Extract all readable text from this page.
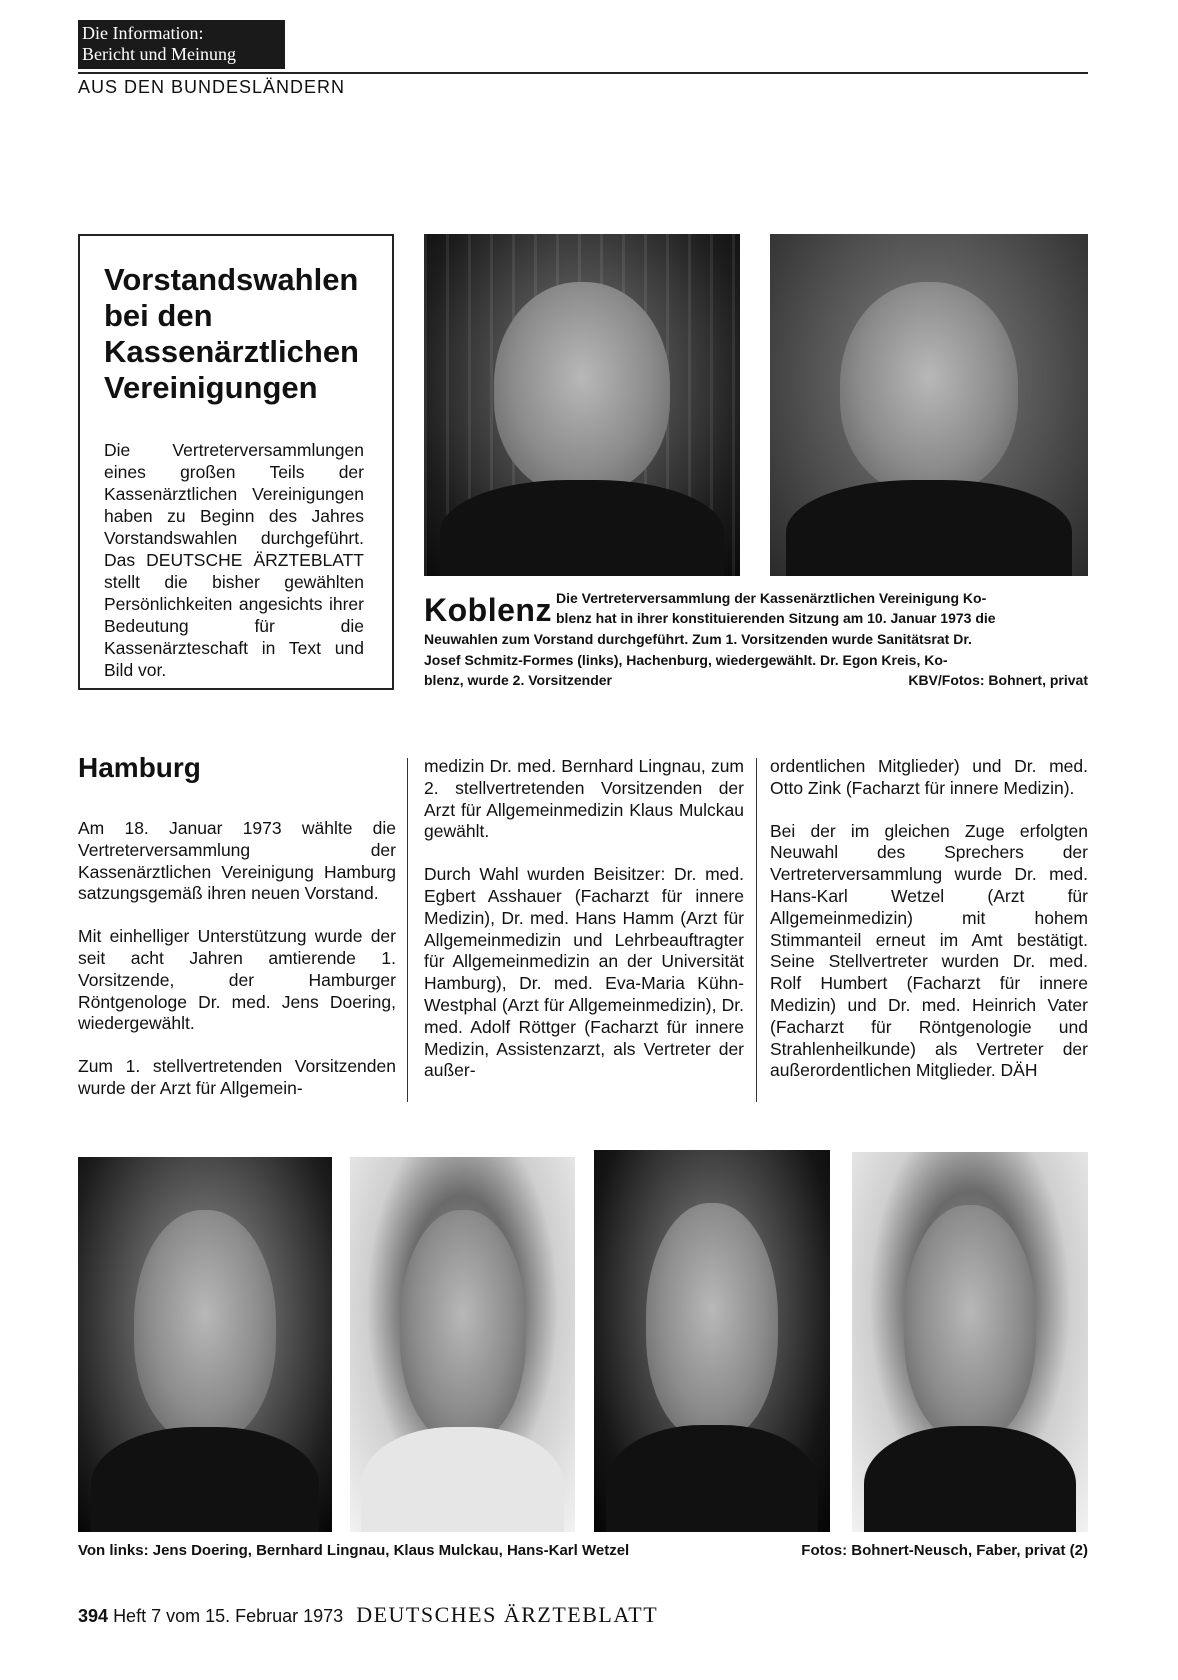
Die Information:
Bericht und Meinung
AUS DEN BUNDESLÄNDERN
Vorstandswahlen bei den Kassenärztlichen Vereinigungen
Die Vertreterversammlungen eines großen Teils der Kassenärztlichen Vereinigungen haben zu Beginn des Jahres Vorstandswahlen durchgeführt. Das DEUTSCHE ÄRZTEBLATT stellt die bisher gewählten Persönlichkeiten angesichts ihrer Bedeutung für die Kassenärzteschaft in Text und Bild vor.
Koblenz Die Vertreterversammlung der Kassenärztlichen Vereinigung Ko-
blenz hat in ihrer konstituierenden Sitzung am 10. Januar 1973 die
Neuwahlen zum Vorstand durchgeführt. Zum 1. Vorsitzenden wurde Sanitätsrat Dr.
Josef Schmitz-Formes (links), Hachenburg, wiedergewählt. Dr. Egon Kreis, Ko-
blenz, wurde 2. Vorsitzender	KBV/Fotos: Bohnert, privat
Hamburg

Am 18. Januar 1973 wählte die Vertreterversammlung der Kassenärztlichen Vereinigung Hamburg satzungsgemäß ihren neuen Vorstand.

Mit einhelliger Unterstützung wurde der seit acht Jahren amtierende 1. Vorsitzende, der Hamburger Röntgenologe Dr. med. Jens Doering, wiedergewählt.

Zum 1. stellvertretenden Vorsitzenden wurde der Arzt für Allgemein-

medizin Dr. med. Bernhard Lingnau, zum 2. stellvertretenden Vorsitzenden der Arzt für Allgemeinmedizin Klaus Mulckau gewählt.

Durch Wahl wurden Beisitzer: Dr. med. Egbert Asshauer (Facharzt für innere Medizin), Dr. med. Hans Hamm (Arzt für Allgemeinmedizin und Lehrbeauftragter für Allgemeinmedizin an der Universität Hamburg), Dr. med. Eva-Maria Kühn-Westphal (Arzt für Allgemeinmedizin), Dr. med. Adolf Röttger (Facharzt für innere Medizin, Assistenzarzt, als Vertreter der außer-

ordentlichen Mitglieder) und Dr. med. Otto Zink (Facharzt für innere Medizin).

Bei der im gleichen Zuge erfolgten Neuwahl des Sprechers der Vertreterversammlung wurde Dr. med. Hans-Karl Wetzel (Arzt für Allgemeinmedizin) mit hohem Stimmanteil erneut im Amt bestätigt. Seine Stellvertreter wurden Dr. med. Rolf Humbert (Facharzt für innere Medizin) und Dr. med. Heinrich Vater (Facharzt für Röntgenologie und Strahlenheilkunde) als Vertreter der außerordentlichen Mitglieder. DÄH

Von links: Jens Doering, Bernhard Lingnau, Klaus Mulckau, Hans-Karl Wetzel	Fotos: Bohnert-Neusch, Faber, privat (2)
394 Heft 7 vom 15. Februar 1973 DEUTSCHES ÄRZTEBLATT
